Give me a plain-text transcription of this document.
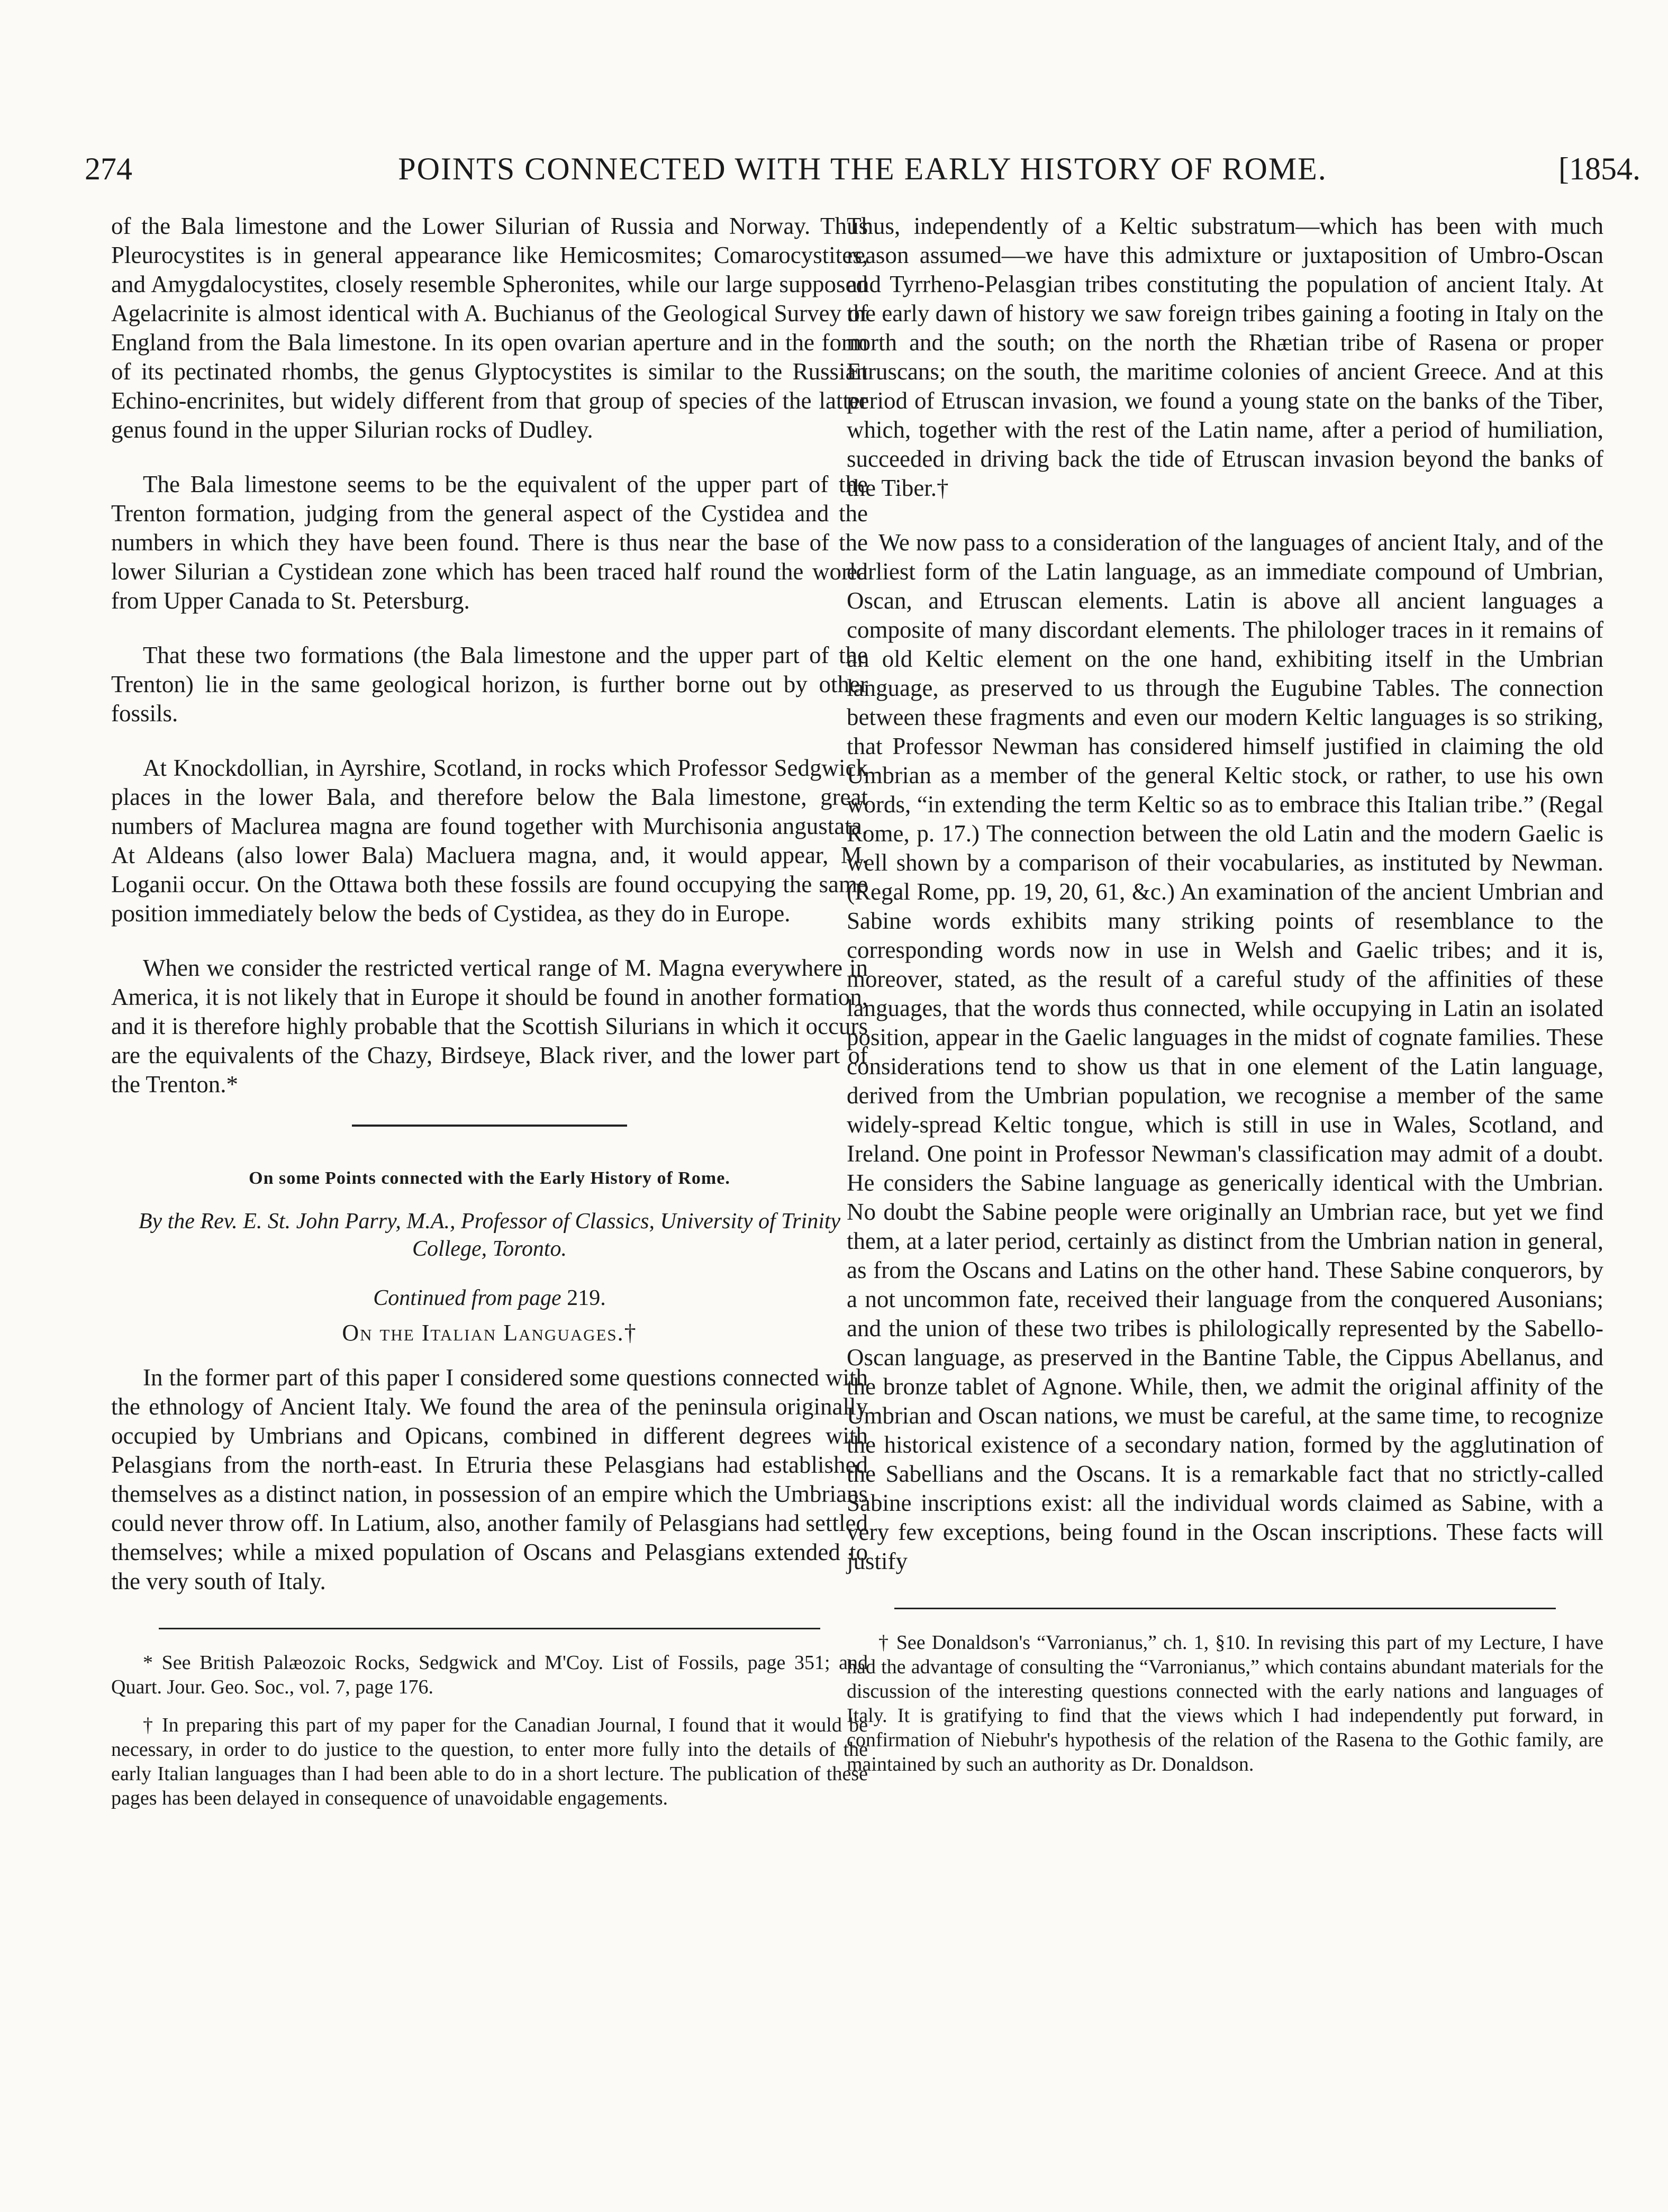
274	POINTS CONNECTED WITH THE EARLY HISTORY OF ROME.	[1854.

of the Bala limestone and the Lower Silurian of Russia and Norway. Thus Pleurocystites is in general appearance like Hemicosmites; Comarocystites, and Amygdalocystites, closely resemble Spheronites, while our large supposed Agelacrinite is almost identical with A. Buchianus of the Geological Survey of England from the Bala limestone. In its open ovarian aperture and in the form of its pectinated rhombs, the genus Glyptocystites is similar to the Russian Echino-encrinites, but widely different from that group of species of the latter genus found in the upper Silurian rocks of Dudley.

The Bala limestone seems to be the equivalent of the upper part of the Trenton formation, judging from the general aspect of the Cystidea and the numbers in which they have been found. There is thus near the base of the lower Silurian a Cystidean zone which has been traced half round the world from Upper Canada to St. Petersburg.

That these two formations (the Bala limestone and the upper part of the Trenton) lie in the same geological horizon, is further borne out by other fossils.

At Knockdollian, in Ayrshire, Scotland, in rocks which Professor Sedgwick places in the lower Bala, and therefore below the Bala limestone, great numbers of Maclurea magna are found together with Murchisonia angustata. At Aldeans (also lower Bala) Macluera magna, and, it would appear, M. Loganii occur. On the Ottawa both these fossils are found occupying the same position immediately below the beds of Cystidea, as they do in Europe.

When we consider the restricted vertical range of M. Magna everywhere in America, it is not likely that in Europe it should be found in another formation, and it is therefore highly probable that the Scottish Silurians in which it occurs are the equivalents of the Chazy, Birdseye, Black river, and the lower part of the Trenton.*

On some Points connected with the Early History of Rome.
By the Rev. E. St. John Parry, M.A., Professor of Classics, University of Trinity College, Toronto.
Continued from page 219.
On the Italian Languages.†

In the former part of this paper I considered some questions connected with the ethnology of Ancient Italy. We found the area of the peninsula originally occupied by Umbrians and Opicans, combined in different degrees with Pelasgians from the north-east. In Etruria these Pelasgians had established themselves as a distinct nation, in possession of an empire which the Umbrians could never throw off. In Latium, also, another family of Pelasgians had settled themselves; while a mixed population of Oscans and Pelasgians extended to the very south of Italy.

* See British Palæozoic Rocks, Sedgwick and M'Coy. List of Fossils, page 351; and Quart. Jour. Geo. Soc., vol. 7, page 176.
† In preparing this part of my paper for the Canadian Journal, I found that it would be necessary, in order to do justice to the question, to enter more fully into the details of the early Italian languages than I had been able to do in a short lecture. The publication of these pages has been delayed in consequence of unavoidable engagements.

Thus, independently of a Keltic substratum—which has been with much reason assumed—we have this admixture or juxtaposition of Umbro-Oscan and Tyrrheno-Pelasgian tribes constituting the population of ancient Italy. At the early dawn of history we saw foreign tribes gaining a footing in Italy on the north and the south; on the north the Rhætian tribe of Rasena or proper Etruscans; on the south, the maritime colonies of ancient Greece. And at this period of Etruscan invasion, we found a young state on the banks of the Tiber, which, together with the rest of the Latin name, after a period of humiliation, succeeded in driving back the tide of Etruscan invasion beyond the banks of the Tiber.†

We now pass to a consideration of the languages of ancient Italy, and of the earliest form of the Latin language, as an immediate compound of Umbrian, Oscan, and Etruscan elements. Latin is above all ancient languages a composite of many discordant elements. The philologer traces in it remains of an old Keltic element on the one hand, exhibiting itself in the Umbrian language, as preserved to us through the Eugubine Tables. The connection between these fragments and even our modern Keltic languages is so striking, that Professor Newman has considered himself justified in claiming the old Umbrian as a member of the general Keltic stock, or rather, to use his own words, “in extending the term Keltic so as to embrace this Italian tribe.” (Regal Rome, p. 17.) The connection between the old Latin and the modern Gaelic is well shown by a comparison of their vocabularies, as instituted by Newman. (Regal Rome, pp. 19, 20, 61, &c.) An examination of the ancient Umbrian and Sabine words exhibits many striking points of resemblance to the corresponding words now in use in Welsh and Gaelic tribes; and it is, moreover, stated, as the result of a careful study of the affinities of these languages, that the words thus connected, while occupying in Latin an isolated position, appear in the Gaelic languages in the midst of cognate families. These considerations tend to show us that in one element of the Latin language, derived from the Umbrian population, we recognise a member of the same widely-spread Keltic tongue, which is still in use in Wales, Scotland, and Ireland. One point in Professor Newman's classification may admit of a doubt. He considers the Sabine language as generically identical with the Umbrian. No doubt the Sabine people were originally an Umbrian race, but yet we find them, at a later period, certainly as distinct from the Umbrian nation in general, as from the Oscans and Latins on the other hand. These Sabine conquerors, by a not uncommon fate, received their language from the conquered Ausonians; and the union of these two tribes is philologically represented by the Sabello-Oscan language, as preserved in the Bantine Table, the Cippus Abellanus, and the bronze tablet of Agnone. While, then, we admit the original affinity of the Umbrian and Oscan nations, we must be careful, at the same time, to recognize the historical existence of a secondary nation, formed by the agglutination of the Sabellians and the Oscans. It is a remarkable fact that no strictly-called Sabine inscriptions exist: all the individual words claimed as Sabine, with a very few exceptions, being found in the Oscan inscriptions. These facts will justify

† See Donaldson's “Varronianus,” ch. 1, §10. In revising this part of my Lecture, I have had the advantage of consulting the “Varronianus,” which contains abundant materials for the discussion of the interesting questions connected with the early nations and languages of Italy. It is gratifying to find that the views which I had independently put forward, in confirmation of Niebuhr's hypothesis of the relation of the Rasena to the Gothic family, are maintained by such an authority as Dr. Donaldson.
